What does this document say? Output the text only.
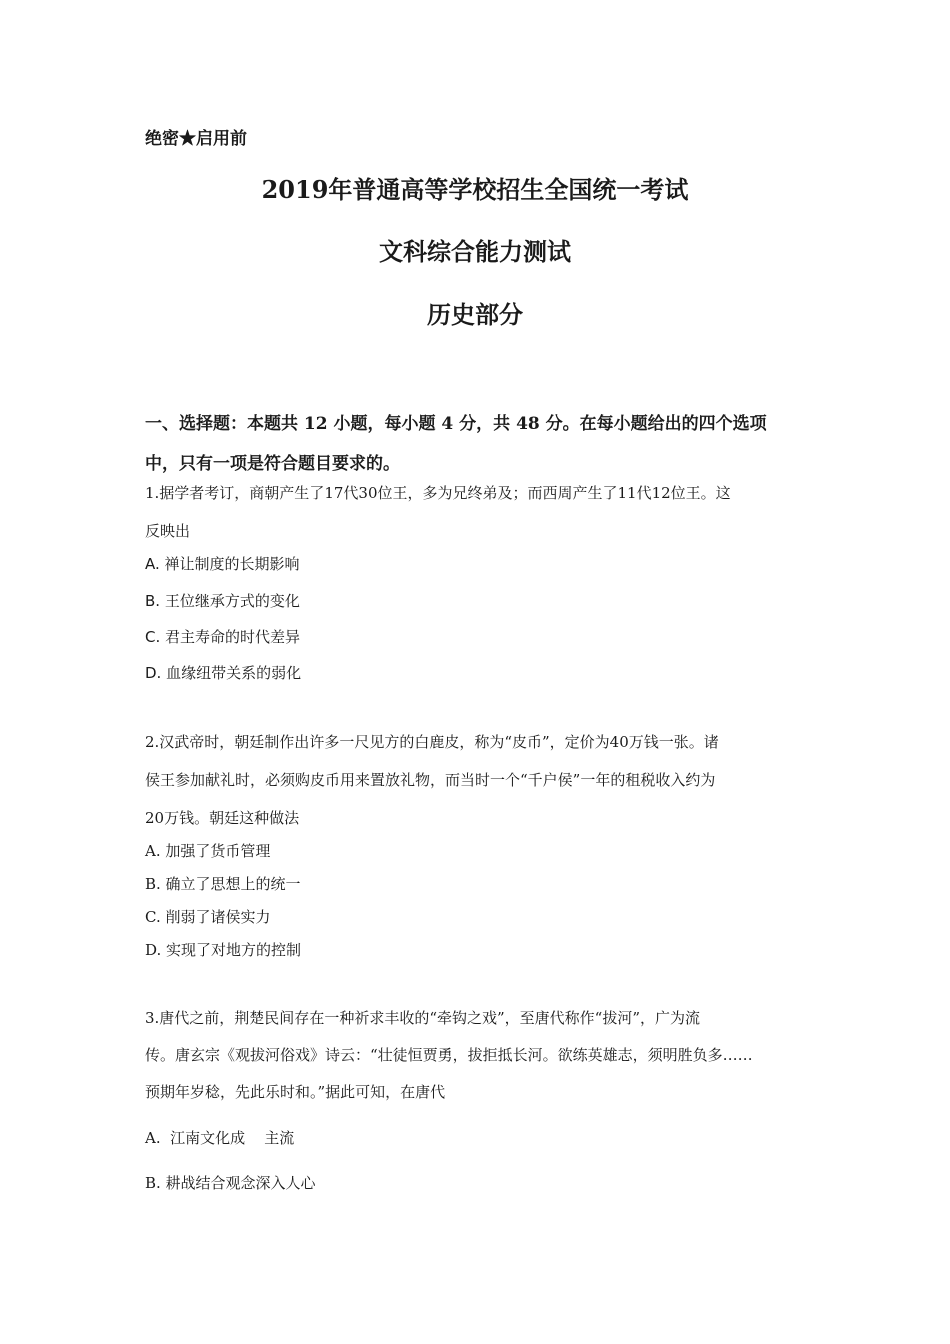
绝密★启用前
2019年普通高等学校招生全国统一考试
文科综合能力测试
历史部分
一、选择题：本题共 12 小题，每小题 4 分，共 48 分。在每小题给出的四个选项
中，只有一项是符合题目要求的。
1.据学者考订，商朝产生了17代30位王，多为兄终弟及；而西周产生了11代12位王。这
反映出
A. 禅让制度的长期影响
B. 王位继承方式的变化
C. 君主寿命的时代差异
D. 血缘纽带关系的弱化
2.汉武帝时，朝廷制作出许多一尺见方的白鹿皮，称为“皮币”，定价为40万钱一张。诸
侯王参加献礼时，必须购皮币用来置放礼物，而当时一个“千户侯”一年的租税收入约为
20万钱。朝廷这种做法
A. 加强了货币管理
B. 确立了思想上的统一
C. 削弱了诸侯实力
D. 实现了对地方的控制
3.唐代之前，荆楚民间存在一种祈求丰收的“牵钩之戏”，至唐代称作“拔河”，广为流
传。唐玄宗《观拔河俗戏》诗云：“壮徒恒贾勇，拔拒抵长河。欲练英雄志，须明胜负多……
预期年岁稔，先此乐时和。”据此可知，在唐代
A.  江南文化成    主流
B. 耕战结合观念深入人心
